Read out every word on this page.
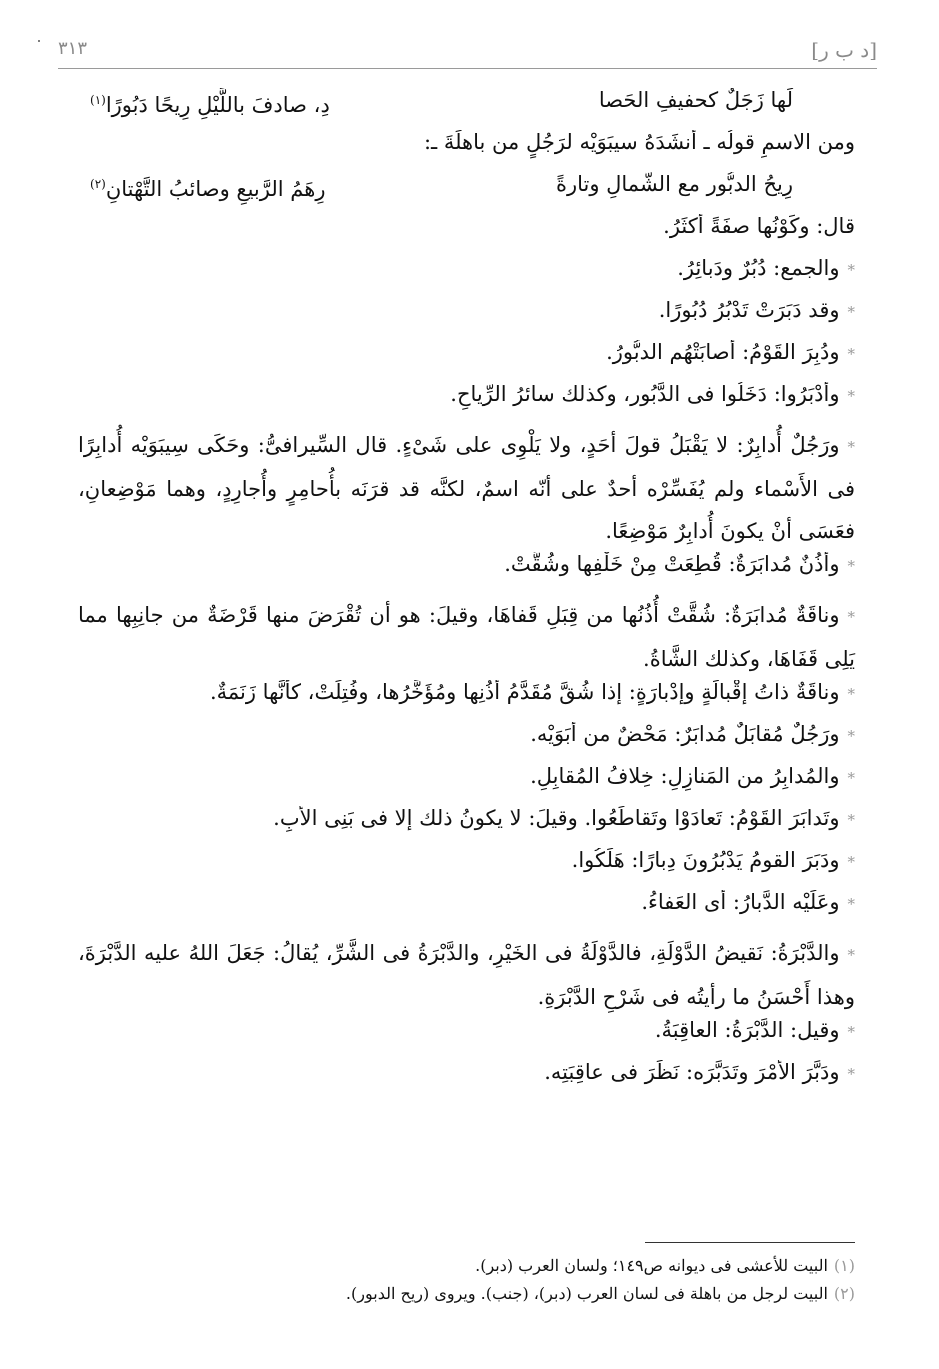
[د ب ر]
٣١٣
لَها زَجَلٌ كحفيفِ الحَصا
دِ، صادفَ باللَّيْلِ رِيحًا دَبُورًا$^{(١)}$
ومن الاسمِ قولُه ـ أنشَدَهُ سيبَوَيْه لرَجُلٍ من باهلَةَ ـ:
رِيحُ الدبُّور مع الشَّمالِ وتارةً
رِهَمُ الرَّبيعِ وصائبُ التَّهْتانِ$^{(٢)}$
قال: وكَوْنُها صفَةً أكثَرُ.
*والجمع: دُبُرٌ ودَبائِرُ.
*وقد دَبَرَتْ تَدْبُرُ دُبُورًا.
*ودُبِرَ القَوْمُ: أصابَتْهُم الدبُّورُ.
*وأَدْبَرُوا: دَخَلُوا فى الدَّبُور، وكذلك سائرُ الرِّياحِ.

*ورَجُلٌ أُدابِرٌ: لا يَقْبَلُ قولَ أحَدٍ، ولا يَلْوِى على شَىْءٍ. قال السِّيرافىُّ: وحَكَى سِيبَوَيْه أُدابِرًا فى الأَسْماء ولم يُفَسِّرْه أحدٌ على أنّه اسمٌ، لكنَّه قد قرَنَه بأُحامِرٍ وأُجارِدٍ، وهما مَوْضِعانِ، فعَسَى أنْ يكونَ أُدابِرٌ مَوْضِعًا.

*وأُذُنٌ مُدابَرَةٌ: قُطِعَتْ مِنْ خَلْفِها وشُقَّتْ.

*وناقَةٌ مُدابَرَةٌ: شُقَّتْ أُذُنُها من قِبَلِ قَفاهَا، وقيلَ: هو أن تُقْرَضَ منها قَرْضَةٌ من جانِبِها مما يَلِى قَفَاهَا، وكذلك الشَّاةُ.

*وناقَةٌ ذاتُ إقْبالَةٍ وإدْبارَةٍ: إذا شُقَّ مُقَدَّمُ أُذُنِها ومُؤَخَّرُها، وفُتِلَتْ، كأنَّها زَنَمَةٌ.
*ورَجُلٌ مُقابَلٌ مُدابَرٌ: مَحْضٌ من أَبَوَيْه.
*والمُدابِرُ من المَنازِلِ: خِلافُ المُقابِلِ.
*وتَدابَرَ القَوْمُ: تَعادَوْا وتَقاطَعُوا. وقيلَ: لا يكونُ ذلك إلا فى بَنِى الأَبِ.
*ودَبَرَ القومُ يَدْبُرُونَ دِبارًا: هَلَكُوا.
*وعَلَيْه الدَّبارُ: أى العَفاءُ.

*والدَّبْرَةُ: نَقيضُ الدَّوْلَةِ، فالدَّوْلَةُ فى الخَيْرِ، والدَّبْرَةُ فى الشَّرِّ، يُقالُ: جَعَلَ اللهُ عليه الدَّبْرَةَ، وهذا أَحْسَنُ ما رأيتُه فى شَرْحِ الدَّبْرَةِ.

*وقيل: الدَّبْرَةُ: العاقِبَةُ.
*ودَبَّرَ الأَمْرَ وتَدَبَّرَه: نَظَرَ فى عاقِبَتِه.
(١)البيت للأعشى فى ديوانه ص١٤٩؛ ولسان العرب (دبر).
(٢)البيت لرجل من باهلة فى لسان العرب (دبر)، (جنب). ويروى (ريح الدبور).
